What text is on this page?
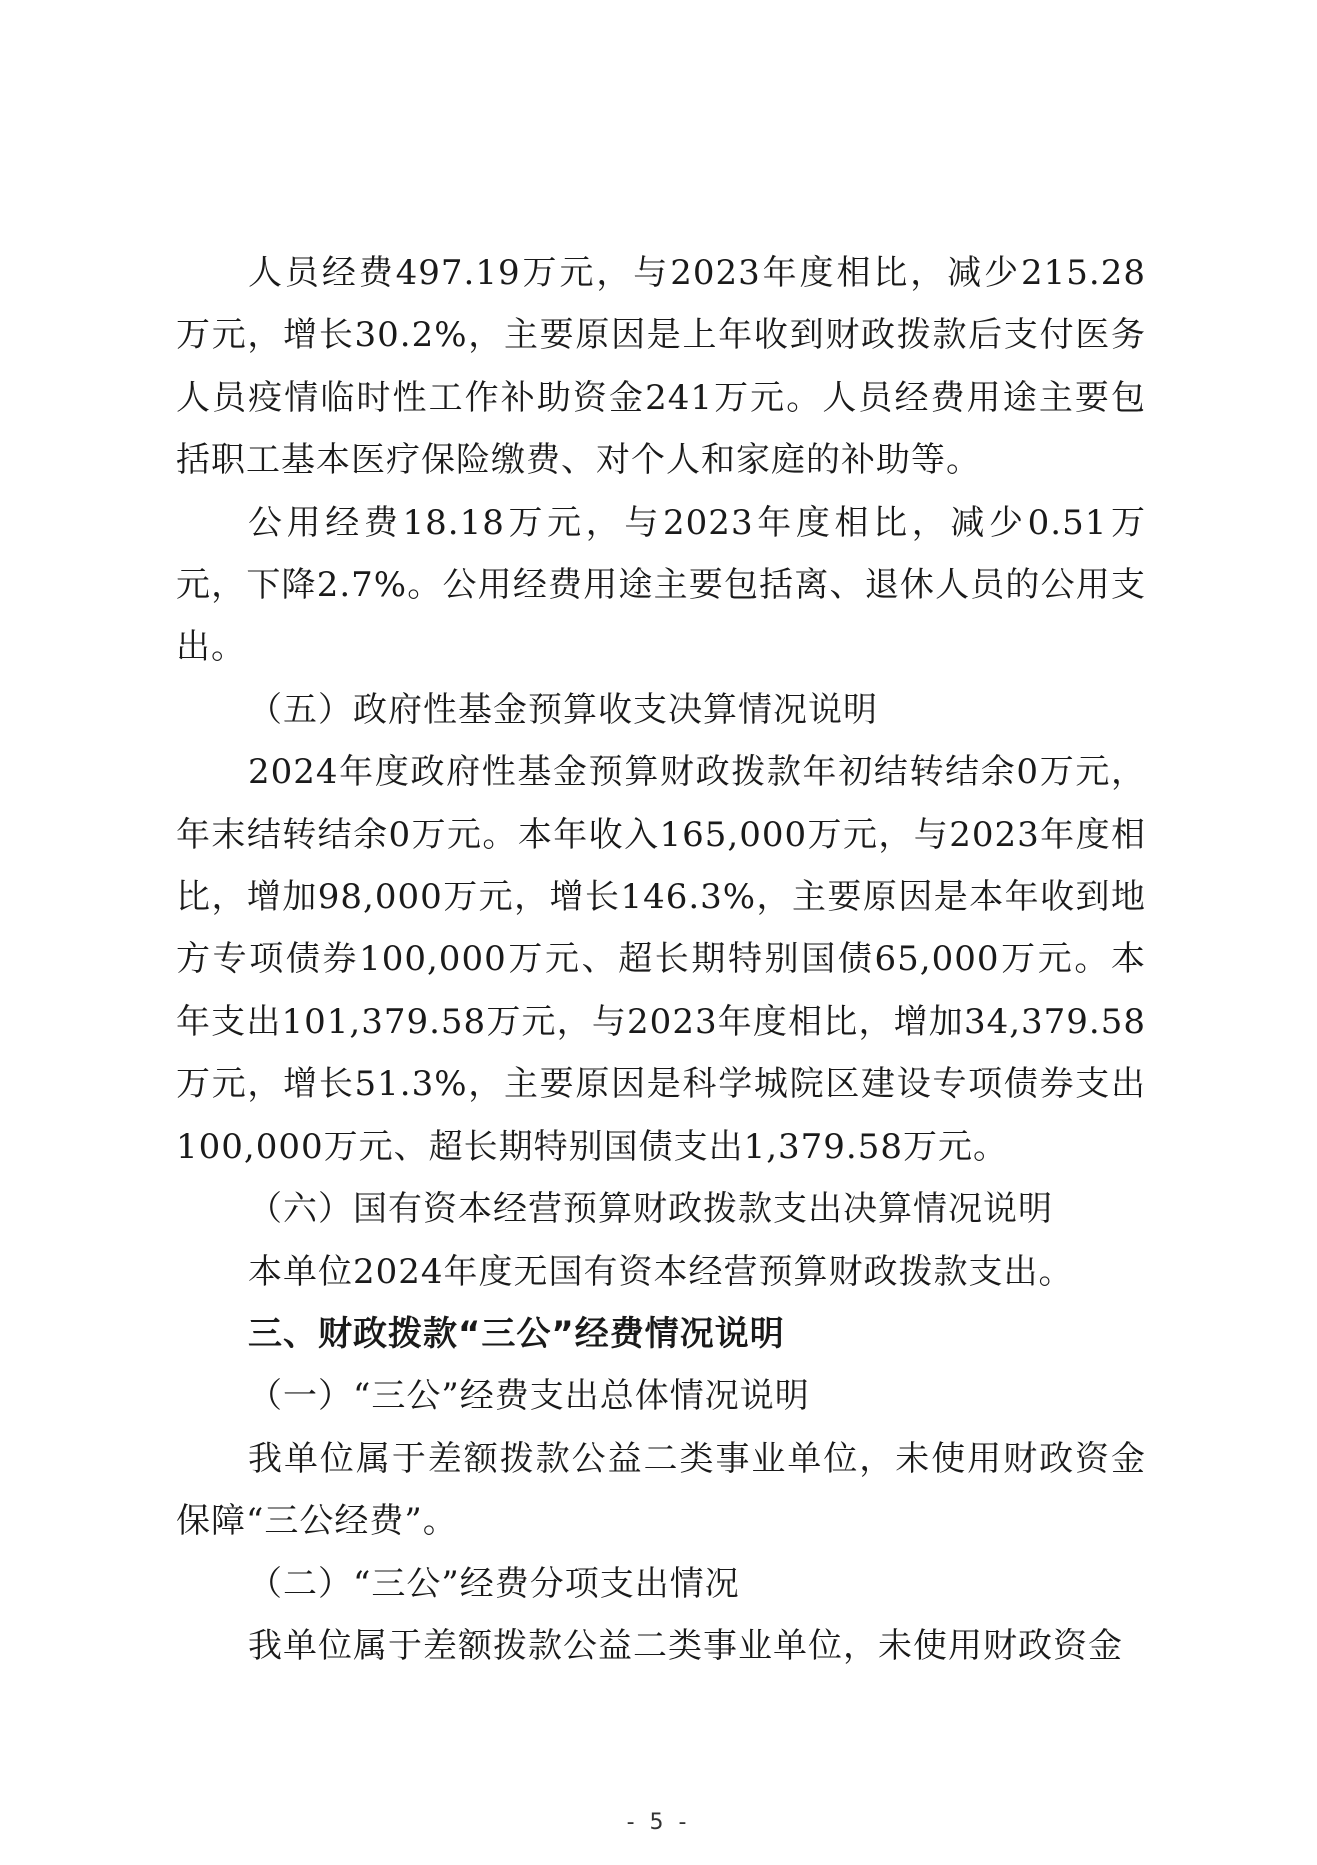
人员经费497.19万元，与2023年度相比，减少215.28万元，增长30.2%，主要原因是上年收到财政拨款后支付医务人员疫情临时性工作补助资金241万元。人员经费用途主要包括职工基本医疗保险缴费、对个人和家庭的补助等。

公用经费18.18万元，与2023年度相比，减少0.51万元，下降2.7%。公用经费用途主要包括离、退休人员的公用支出。

（五）政府性基金预算收支决算情况说明

2024年度政府性基金预算财政拨款年初结转结余0万元，年末结转结余0万元。本年收入165,000万元，与2023年度相比，增加98,000万元，增长146.3%，主要原因是本年收到地方专项债券100,000万元、超长期特别国债65,000万元。本年支出101,379.58万元，与2023年度相比，增加34,379.58万元，增长51.3%，主要原因是科学城院区建设专项债券支出100,000万元、超长期特别国债支出1,379.58万元。

（六）国有资本经营预算财政拨款支出决算情况说明

本单位2024年度无国有资本经营预算财政拨款支出。

三、财政拨款“三公”经费情况说明

（一）“三公”经费支出总体情况说明

我单位属于差额拨款公益二类事业单位，未使用财政资金保障“三公经费”。

（二）“三公”经费分项支出情况

我单位属于差额拨款公益二类事业单位，未使用财政资金

- 5 -
